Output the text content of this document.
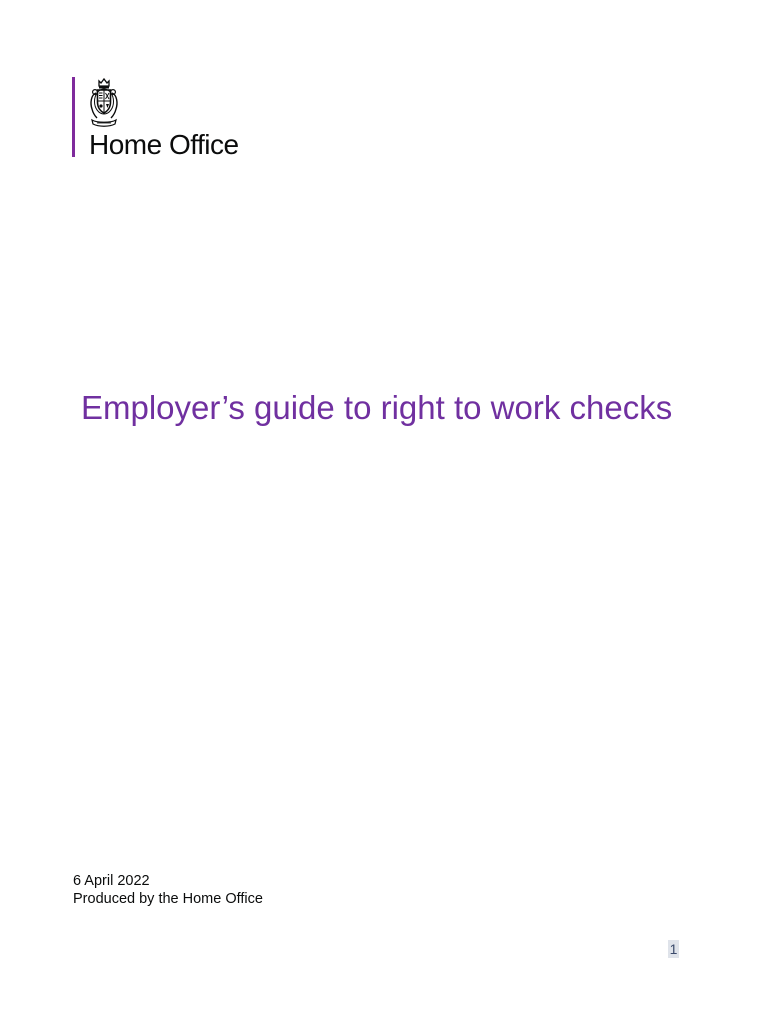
Home Office
Employer’s guide to right to work checks
6 April 2022
Produced by the Home Office
1
